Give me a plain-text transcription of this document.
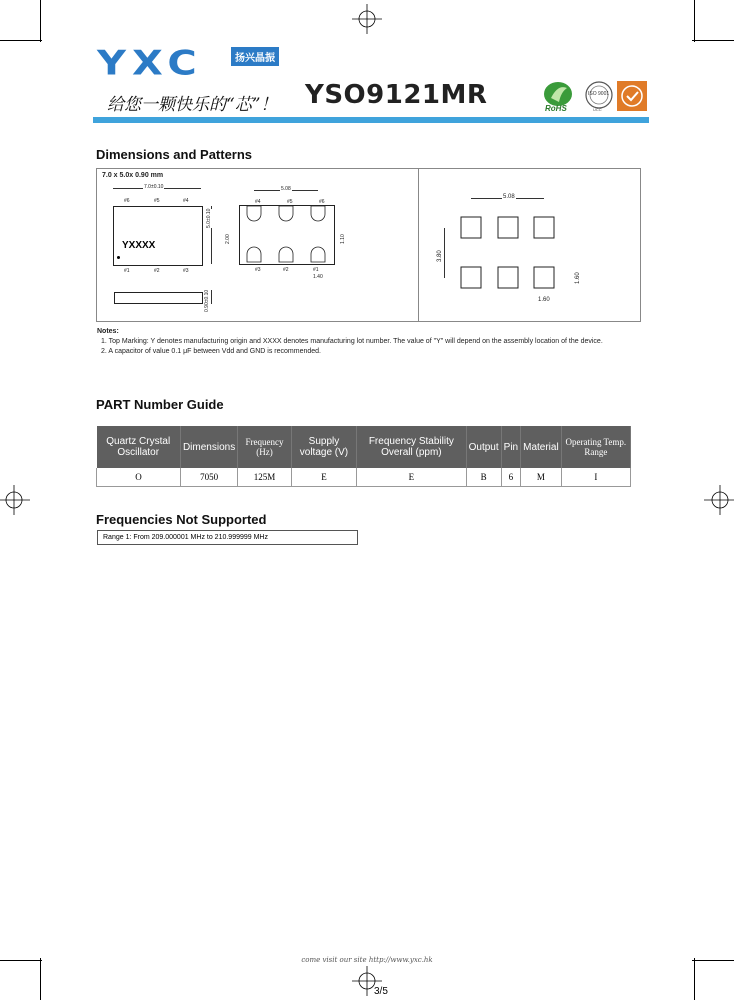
YXC	扬兴晶振
给您一颗快乐的“芯”！ YSO9121MR	RoHS
ISO 9001
UCC
Dimensions and Patterns
7.0 x 5.0x 0.90 mm
YXXXX
#6	#5	#4
#1	#2	#3
7.0±0.10
5.0±0.10
0.90±0.10
#4	#5	#6
#3	#2	#1
5.08
2.00	1.10
1.40
5.08
3.80
1.60
1.60
Notes:
1. Top Marking: Y denotes manufacturing origin and XXXX denotes manufacturing lot number. The value of "Y" will depend on the assembly location of the device.
2. A capacitor of value 0.1 μF between Vdd and GND is recommended.
PART Number Guide
Quartz Crystal Oscillator	Dimensions	Frequency (Hz)	Supply voltage (V)	Frequency Stability Overall (ppm)	Output	Pin	Material	Operating Temp. Range
O	7050	125M	E	E	B	6	M	I
Frequencies Not Supported
Range 1: From 209.000001 MHz to 210.999999 MHz
come visit our site http://www.yxc.hk
3/5
